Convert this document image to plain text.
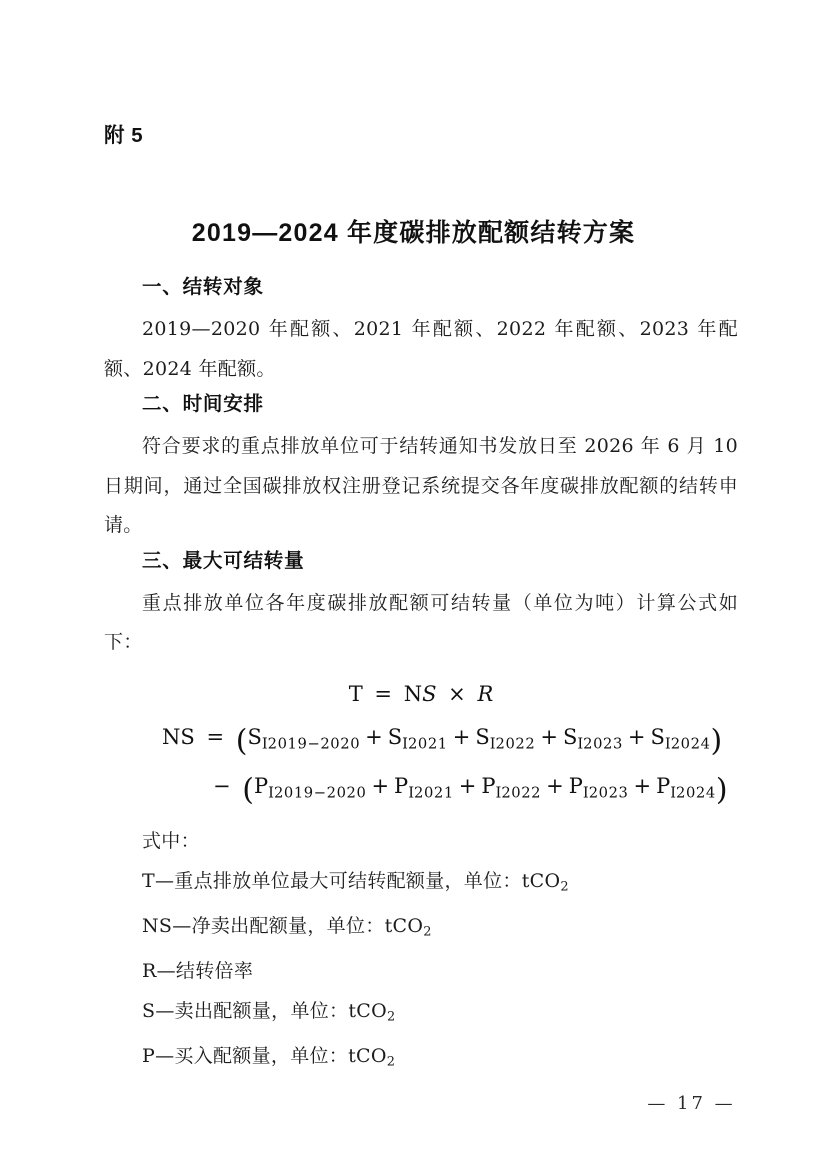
附 5
2019—2024 年度碳排放配额结转方案
一、结转对象

2019—2020 年配额、2021 年配额、2022 年配额、2023 年配额、2024 年配额。

二、时间安排

符合要求的重点排放单位可于结转通知书发放日至 2026 年 6 月 10 日期间，通过全国碳排放权注册登记系统提交各年度碳排放配额的结转申请。

三、最大可结转量

重点排放单位各年度碳排放配额可结转量（单位为吨）计算公式如下：

T = NS × R
NS = $(S_{I2019-2020} + S_{I2021} + S_{I2022} + S_{I2023} + S_{I2024})$
− $(P_{I2019-2020} + P_{I2021} + P_{I2022} + P_{I2023} + P_{I2024})$
式中：
T—重点排放单位最大可结转配额量，单位：tCO2
NS—净卖出配额量，单位：tCO2
R—结转倍率
S—卖出配额量，单位：tCO2
P—买入配额量，单位：tCO2
— 17 —
